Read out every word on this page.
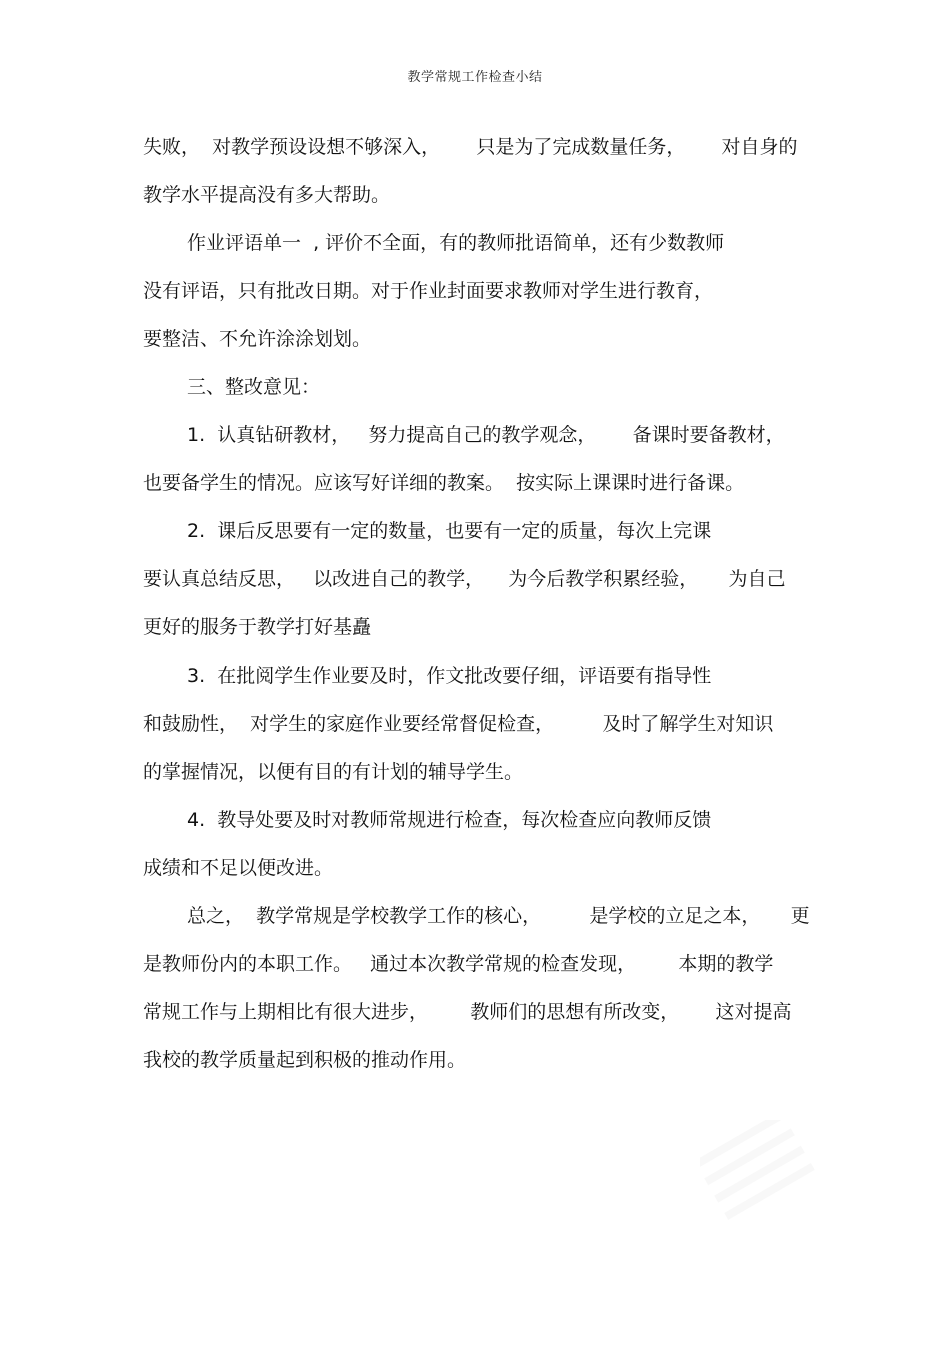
教学常规工作检查小结
失败，  对教学预设设想不够深入，      只是为了完成数量任务，      对自身的
教学水平提高没有多大帮助。
作业评语单一  , 评价不全面，有的教师批语简单，还有少数教师
没有评语，只有批改日期。对于作业封面要求教师对学生进行教育，
要整洁、不允许涂涂划划。
三、整改意见：
1.  认真钻研教材，   努力提高自己的教学观念，      备课时要备教材，
也要备学生的情况。应该写好详细的教案。  按实际上课课时进行备课。
2.  课后反思要有一定的数量，也要有一定的质量，每次上完课
要认真总结反思，   以改进自己的教学，    为今后教学积累经验，     为自己
更好的服务于教学打好基矗
3.  在批阅学生作业要及时，作文批改要仔细，评语要有指导性
和鼓励性，  对学生的家庭作业要经常督促检查，        及时了解学生对知识
的掌握情况，以便有目的有计划的辅导学生。
4.  教导处要及时对教师常规进行检查，每次检查应向教师反馈
成绩和不足以便改进。
总之，  教学常规是学校教学工作的核心，        是学校的立足之本，     更
是教师份内的本职工作。   通过本次教学常规的检查发现，       本期的教学
常规工作与上期相比有很大进步，       教师们的思想有所改变，      这对提高
我校的教学质量起到积极的推动作用。
